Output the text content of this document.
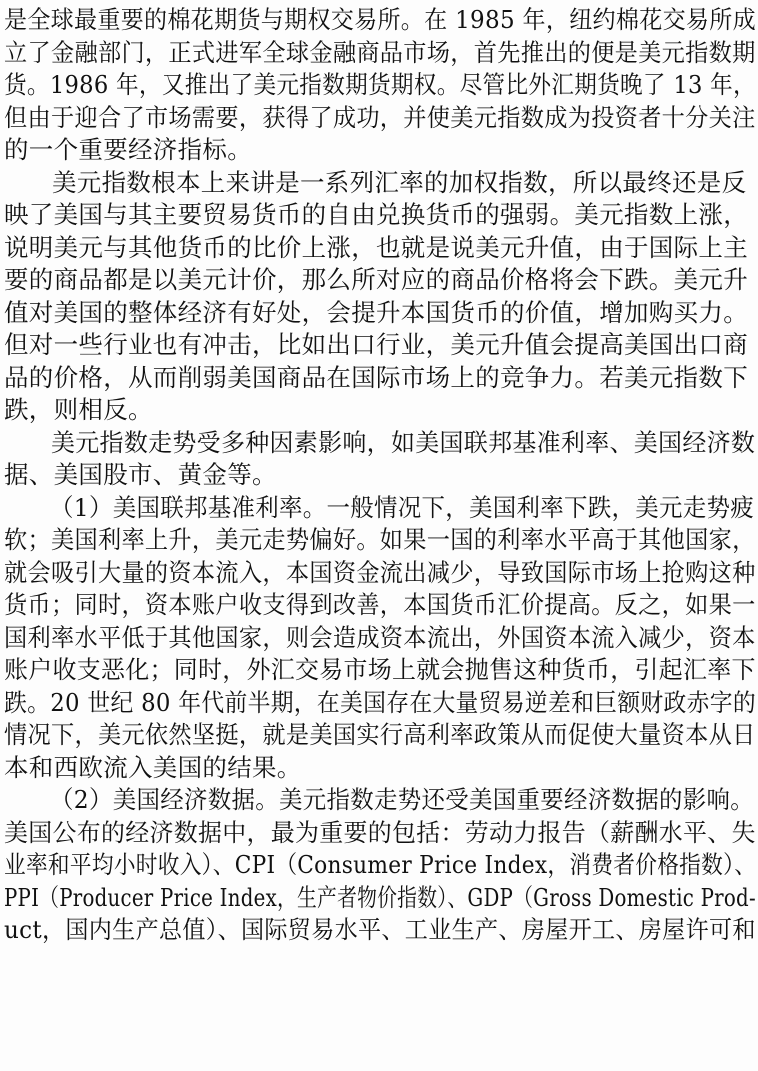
是全球最重要的棉花期货与期权交易所。在 1985 年，纽约棉花交易所成
立了金融部门，正式进军全球金融商品市场，首先推出的便是美元指数期
货。1986 年，又推出了美元指数期货期权。尽管比外汇期货晚了 13 年，
但由于迎合了市场需要，获得了成功，并使美元指数成为投资者十分关注
的一个重要经济指标。
美元指数根本上来讲是一系列汇率的加权指数，所以最终还是反
映了美国与其主要贸易货币的自由兑换货币的强弱。美元指数上涨，
说明美元与其他货币的比价上涨，也就是说美元升值，由于国际上主
要的商品都是以美元计价，那么所对应的商品价格将会下跌。美元升
值对美国的整体经济有好处，会提升本国货币的价值，增加购买力。
但对一些行业也有冲击，比如出口行业，美元升值会提高美国出口商
品的价格，从而削弱美国商品在国际市场上的竞争力。若美元指数下
跌，则相反。
美元指数走势受多种因素影响，如美国联邦基准利率、美国经济数
据、美国股市、黄金等。
（1）美国联邦基准利率。一般情况下，美国利率下跌，美元走势疲
软；美国利率上升，美元走势偏好。如果一国的利率水平高于其他国家，
就会吸引大量的资本流入，本国资金流出减少，导致国际市场上抢购这种
货币；同时，资本账户收支得到改善，本国货币汇价提高。反之，如果一
国利率水平低于其他国家，则会造成资本流出，外国资本流入减少，资本
账户收支恶化；同时，外汇交易市场上就会抛售这种货币，引起汇率下
跌。20 世纪 80 年代前半期，在美国存在大量贸易逆差和巨额财政赤字的
情况下，美元依然坚挺，就是美国实行高利率政策从而促使大量资本从日
本和西欧流入美国的结果。
（2）美国经济数据。美元指数走势还受美国重要经济数据的影响。
美国公布的经济数据中，最为重要的包括：劳动力报告（薪酬水平、失
业率和平均小时收入）、CPI（Consumer Price Index，消费者价格指数）、
PPI（Producer Price Index，生产者物价指数）、GDP（Gross Domestic Prod-
uct，国内生产总值）、国际贸易水平、工业生产、房屋开工、房屋许可和
